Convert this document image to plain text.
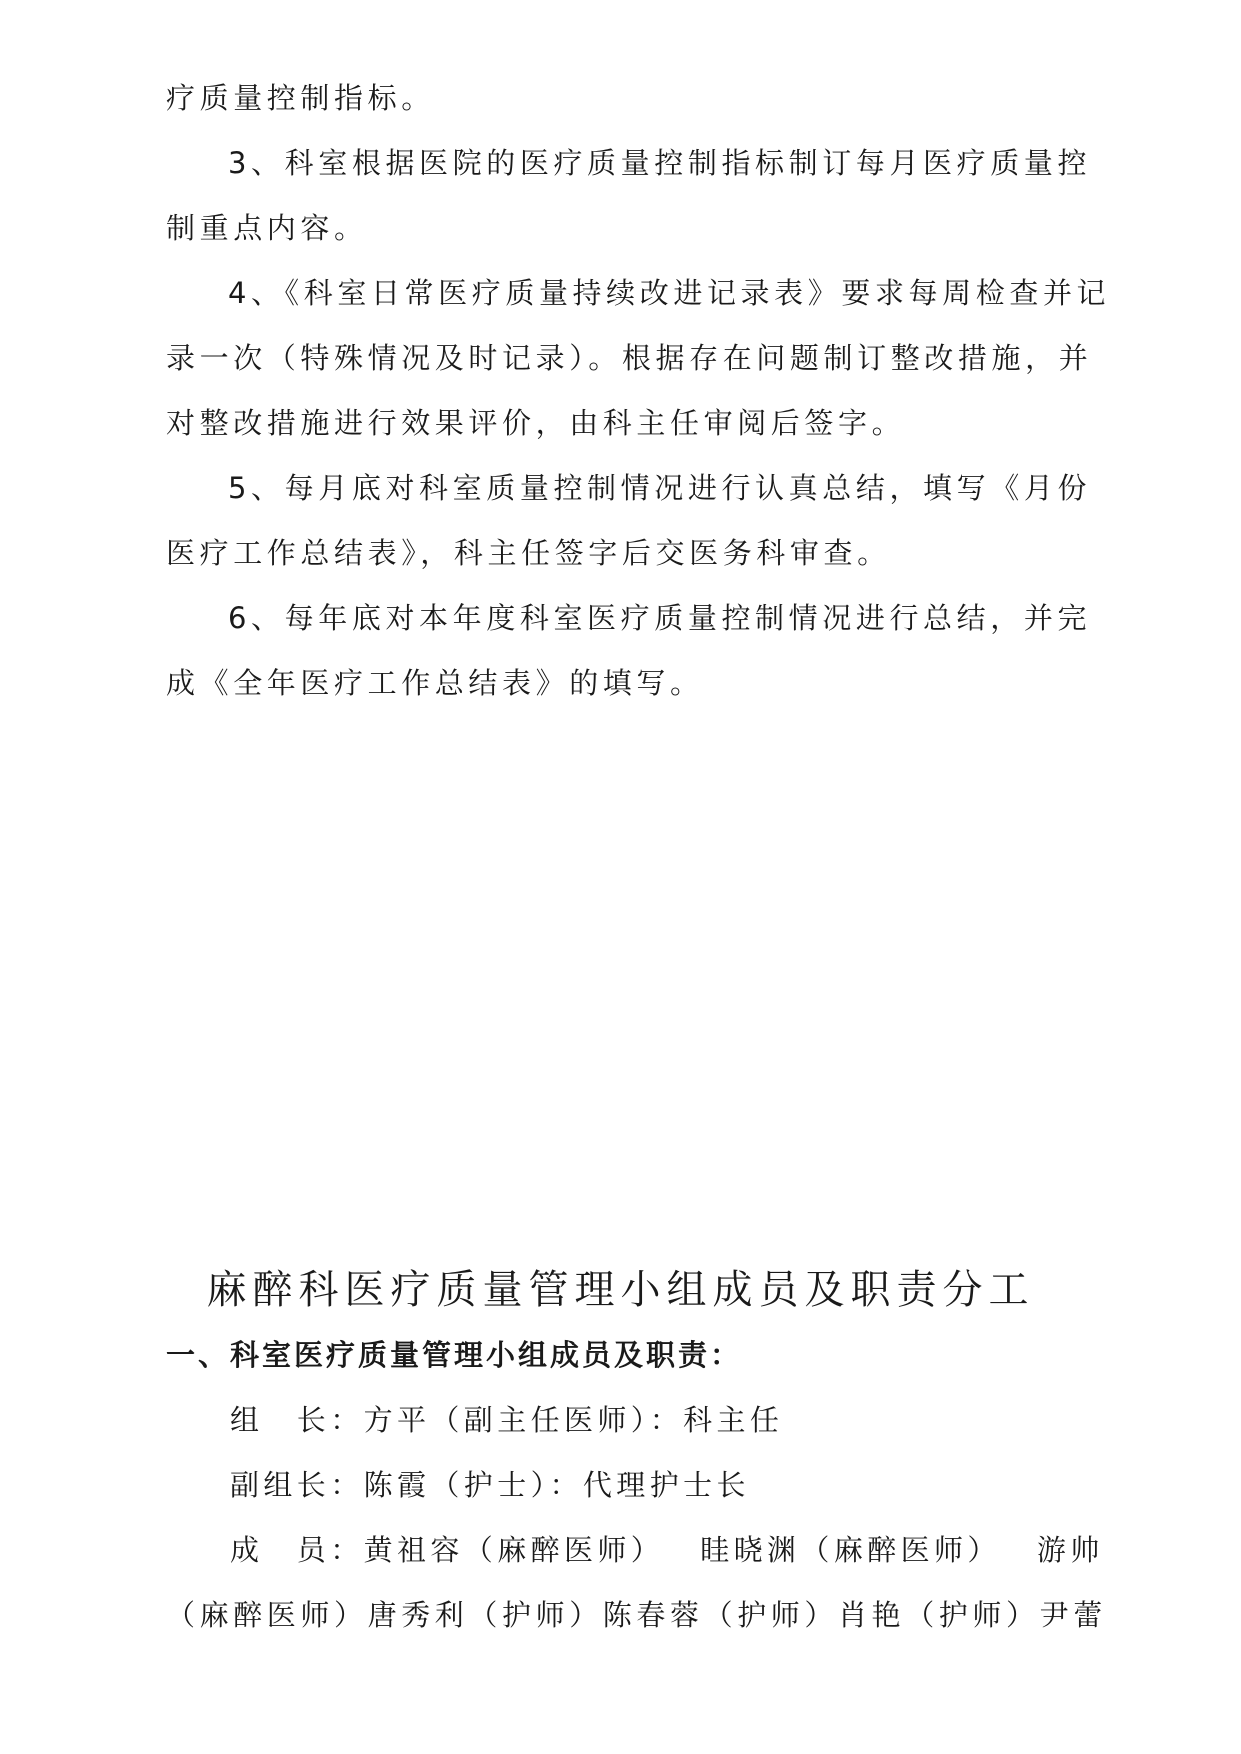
疗质量控制指标。
3、科室根据医院的医疗质量控制指标制订每月医疗质量控
制重点内容。
4、《科室日常医疗质量持续改进记录表》要求每周检查并记
录一次（特殊情况及时记录）。根据存在问题制订整改措施，并
对整改措施进行效果评价，由科主任审阅后签字。
5、每月底对科室质量控制情况进行认真总结，填写《月份
医疗工作总结表》，科主任签字后交医务科审查。
6、每年底对本年度科室医疗质量控制情况进行总结，并完
成《全年医疗工作总结表》的填写。
麻醉科医疗质量管理小组成员及职责分工
一、科室医疗质量管理小组成员及职责：
组　长：方平（副主任医师）：科主任
副组长：陈霞（护士）：代理护士长
成　员：黄祖容（麻醉医师） 眭晓渊（麻醉医师） 游帅
（麻醉医师）唐秀利（护师）陈春蓉（护师）肖艳（护师）尹蕾
